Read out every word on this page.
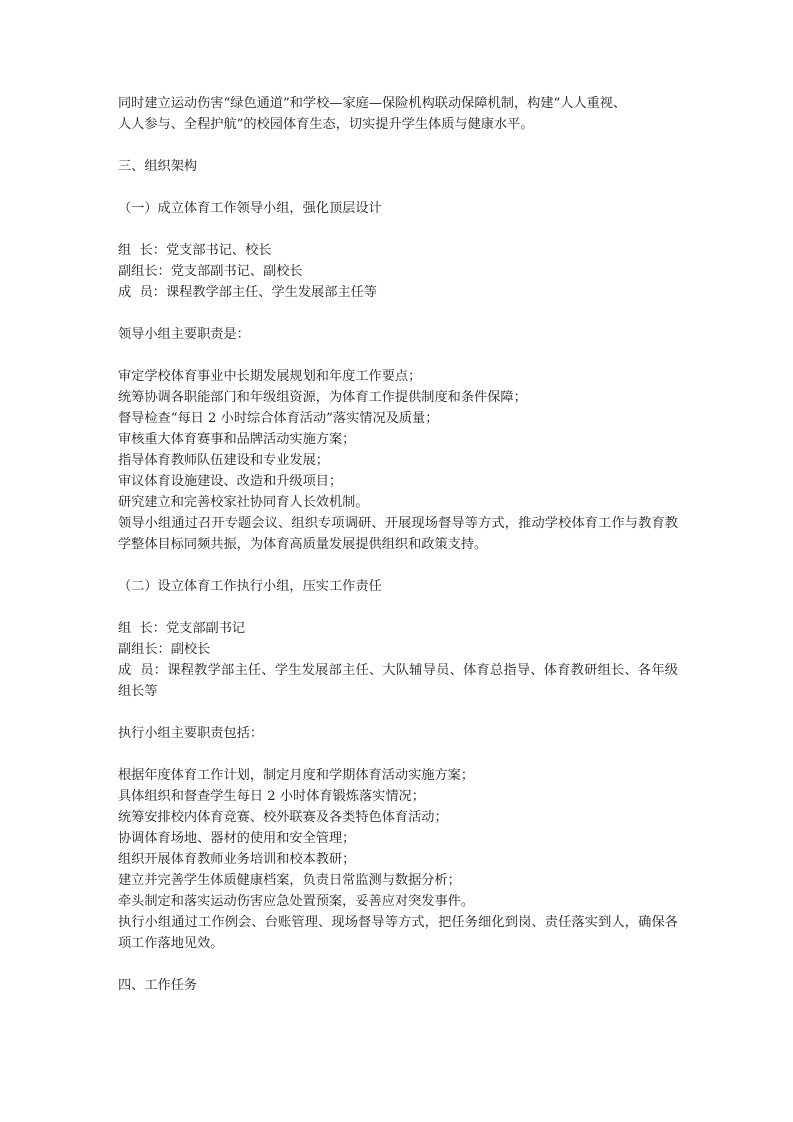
同时建立运动伤害“绿色通道”和学校—家庭—保险机构联动保障机制，构建“人人重视、

人人参与、全程护航”的校园体育生态，切实提升学生体质与健康水平。

三、组织架构

（一）成立体育工作领导小组，强化顶层设计

组  长：党支部书记、校长

副组长：党支部副书记、副校长

成  员：课程教学部主任、学生发展部主任等

领导小组主要职责是：

审定学校体育事业中长期发展规划和年度工作要点；

统筹协调各职能部门和年级组资源，为体育工作提供制度和条件保障；

督导检查“每日 2 小时综合体育活动”落实情况及质量；

审核重大体育赛事和品牌活动实施方案；

指导体育教师队伍建设和专业发展；

审议体育设施建设、改造和升级项目；

研究建立和完善校家社协同育人长效机制。

领导小组通过召开专题会议、组织专项调研、开展现场督导等方式，推动学校体育工作与教育教学整体目标同频共振，为体育高质量发展提供组织和政策支持。

（二）设立体育工作执行小组，压实工作责任

组  长：党支部副书记

副组长：副校长

成  员：课程教学部主任、学生发展部主任、大队辅导员、体育总指导、体育教研组长、各年级组长等

执行小组主要职责包括：

根据年度体育工作计划，制定月度和学期体育活动实施方案；

具体组织和督查学生每日 2 小时体育锻炼落实情况；

统筹安排校内体育竞赛、校外联赛及各类特色体育活动；

协调体育场地、器材的使用和安全管理；

组织开展体育教师业务培训和校本教研；

建立并完善学生体质健康档案，负责日常监测与数据分析；

牵头制定和落实运动伤害应急处置预案，妥善应对突发事件。

执行小组通过工作例会、台账管理、现场督导等方式，把任务细化到岗、责任落实到人，确保各项工作落地见效。

四、工作任务
